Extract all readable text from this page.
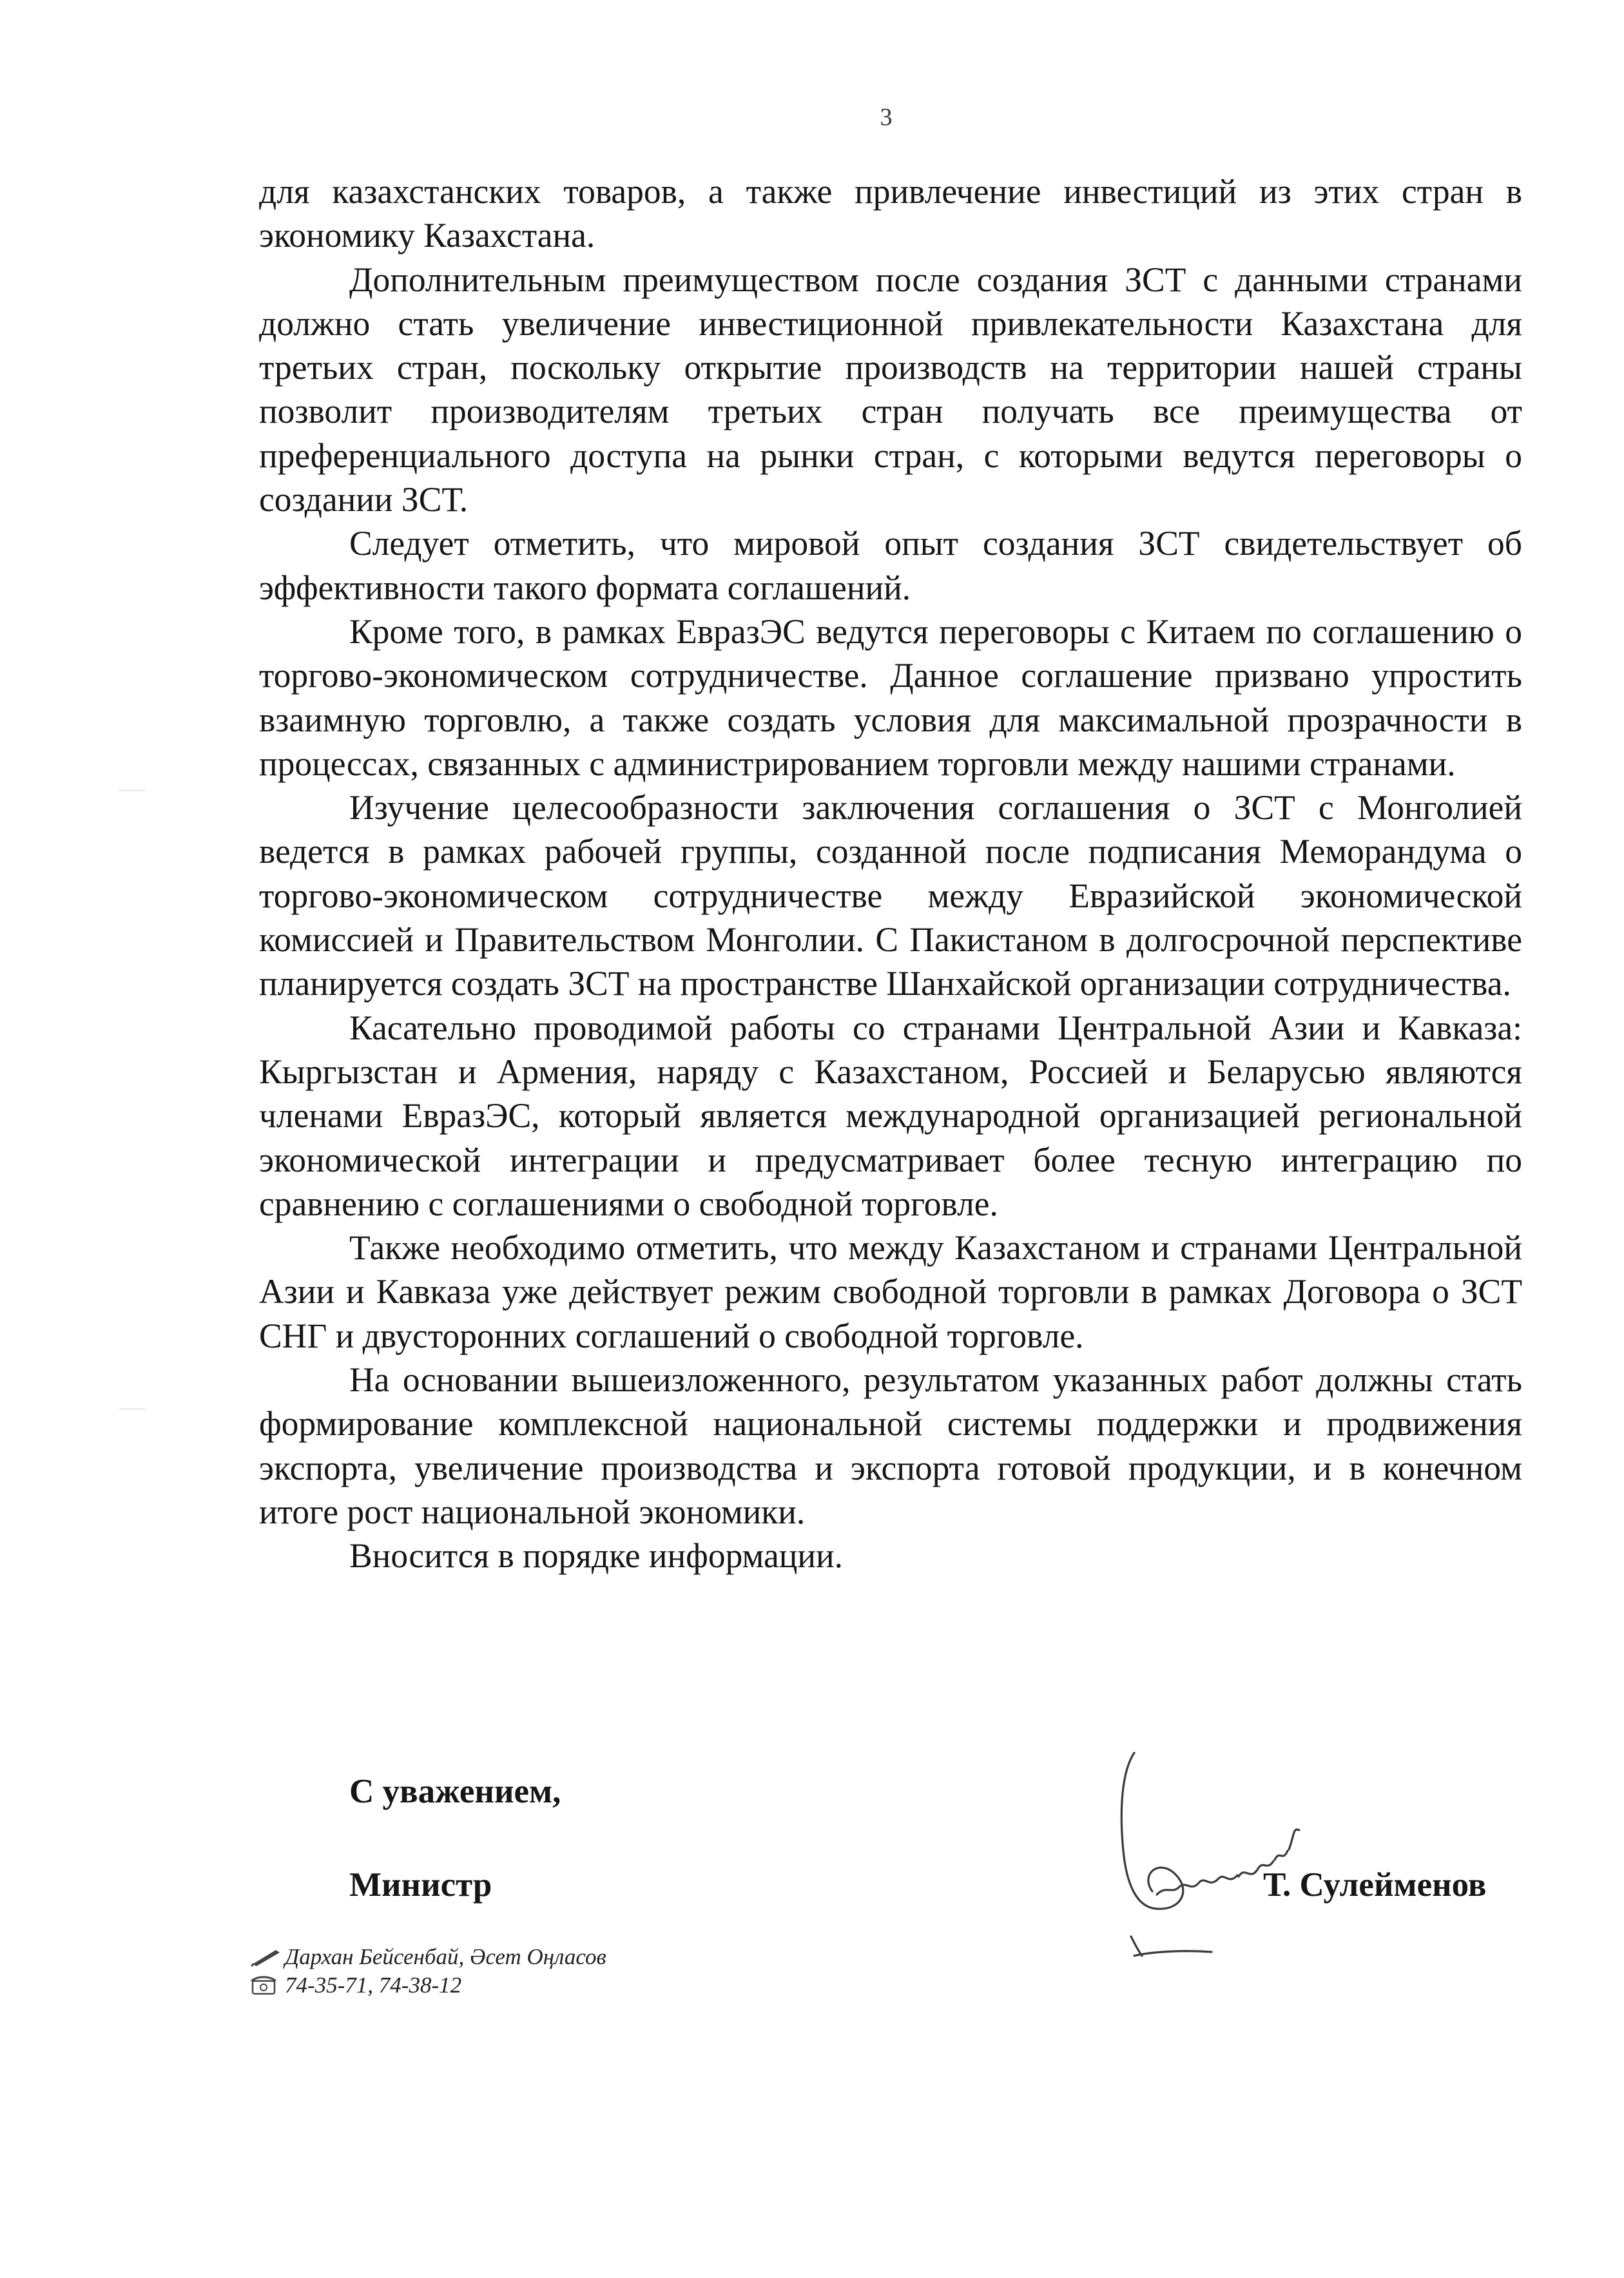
3

для казахстанских товаров, а также привлечение инвестиций из этих стран в экономику Казахстана.

Дополнительным преимуществом после создания ЗСТ с данными странами должно стать увеличение инвестиционной привлекательности Казахстана для третьих стран, поскольку открытие производств на территории нашей страны позволит производителям третьих стран получать все преимущества от преференциального доступа на рынки стран, с которыми ведутся переговоры о создании ЗСТ.

Следует отметить, что мировой опыт создания ЗСТ свидетельствует об эффективности такого формата соглашений.

Кроме того, в рамках ЕвразЭС ведутся переговоры с Китаем по соглашению о торгово-экономическом сотрудничестве. Данное соглашение призвано упростить взаимную торговлю, а также создать условия для максимальной прозрачности в процессах, связанных с администрированием торговли между нашими странами.

Изучение целесообразности заключения соглашения о ЗСТ с Монголией ведется в рамках рабочей группы, созданной после подписания Меморандума о торгово-экономическом сотрудничестве между Евразийской экономической комиссией и Правительством Монголии. С Пакистаном в долгосрочной перспективе планируется создать ЗСТ на пространстве Шанхайской организации сотрудничества.

Касательно проводимой работы со странами Центральной Азии и Кавказа: Кыргызстан и Армения, наряду с Казахстаном, Россией и Беларусью являются членами ЕвразЭС, который является международной организацией региональной экономической интеграции и предусматривает более тесную интеграцию по сравнению с соглашениями о свободной торговле.

Также необходимо отметить, что между Казахстаном и странами Центральной Азии и Кавказа уже действует режим свободной торговли в рамках Договора о ЗСТ СНГ и двусторонних соглашений о свободной торговле.

На основании вышеизложенного, результатом указанных работ должны стать формирование комплексной национальной системы поддержки и продвижения экспорта, увеличение производства и экспорта готовой продукции, и в конечном итоге рост национальной экономики.

Вносится в порядке информации.

С уважением,
Министр	Т. Сулейменов
Дархан Бейсенбай, Әсет Оңласов
74-35-71, 74-38-12
